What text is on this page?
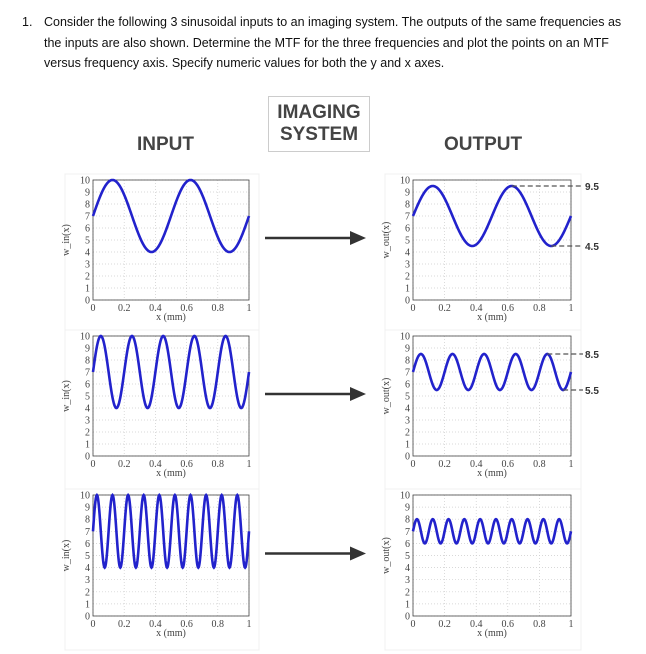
1. Consider the following 3 sinusoidal inputs to an imaging system. The outputs of the same frequencies as the inputs are also shown. Determine the MTF for the three frequencies and plot the points on an MTF versus frequency axis. Specify numeric values for both the y and x axes.
IMAGING
SYSTEM
INPUT	OUTPUT
0
1
2
3
4
5
6
7
8
9
10
0 0.2 0.4 0.6 0.8 1
x (mm)
w_in(x)
0
1
2
3
4
5
6
7
8
9
10
0 0.2 0.4 0.6 0.8 1
x (mm)
w_out(x)
9.5
4.5
0
1
2
3
4
5
6
7
8
9
10
0 0.2 0.4 0.6 0.8 1
x (mm)
w_in(x)
0
1
2
3
4
5
6
7
8
9
10
0 0.2 0.4 0.6 0.8 1
x (mm)
w_out(x)
8.5
5.5
0
1
2
3
4
5
6
7
8
9
10
0 0.2 0.4 0.6 0.8 1
x (mm)
w_in(x)
0
1
2
3
4
5
6
7
8
9
10
0 0.2 0.4 0.6 0.8 1
x (mm)
w_out(x)
